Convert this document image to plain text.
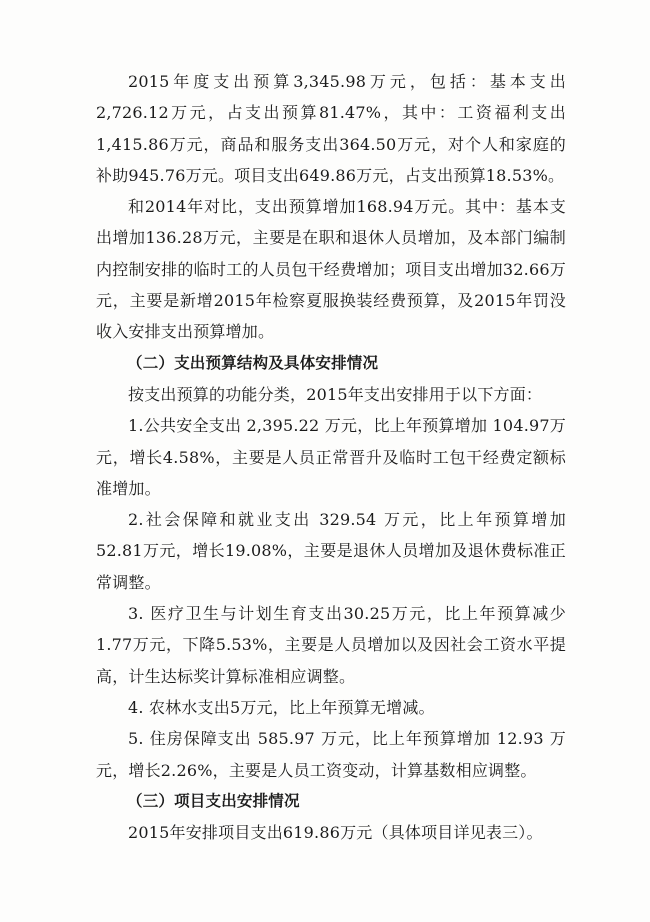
2015年度支出预算3,345.98万元，包括：基本支出2,726.12万元，占支出预算81.47%，其中：工资福利支出1,415.86万元，商品和服务支出364.50万元，对个人和家庭的补助945.76万元。项目支出649.86万元，占支出预算18.53%。

和2014年对比，支出预算增加168.94万元。其中：基本支出增加136.28万元，主要是在职和退休人员增加，及本部门编制内控制安排的临时工的人员包干经费增加；项目支出增加32.66万元，主要是新增2015年检察夏服换装经费预算，及2015年罚没收入安排支出预算增加。

（二）支出预算结构及具体安排情况

按支出预算的功能分类，2015年支出安排用于以下方面：

1.公共安全支出 2,395.22 万元，比上年预算增加 104.97万元，增长4.58%，主要是人员正常晋升及临时工包干经费定额标准增加。

2.社会保障和就业支出 329.54 万元，比上年预算增加52.81万元，增长19.08%，主要是退休人员增加及退休费标准正常调整。

3. 医疗卫生与计划生育支出30.25万元，比上年预算减少1.77万元，下降5.53%，主要是人员增加以及因社会工资水平提高，计生达标奖计算标准相应调整。

4. 农林水支出5万元，比上年预算无增减。

5. 住房保障支出 585.97 万元，比上年预算增加 12.93 万元，增长2.26%，主要是人员工资变动，计算基数相应调整。

（三）项目支出安排情况

2015年安排项目支出619.86万元（具体项目详见表三）。
